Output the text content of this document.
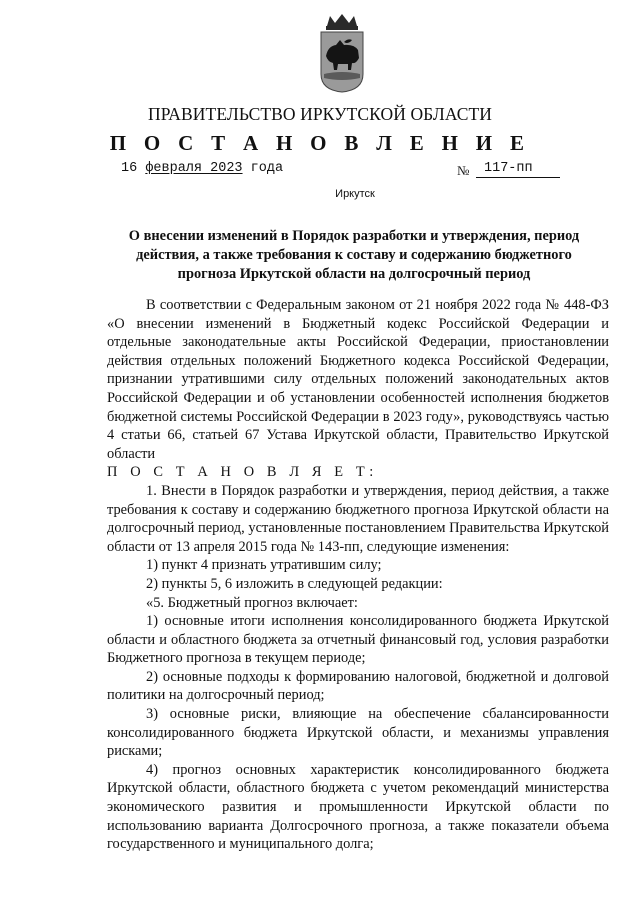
ПРАВИТЕЛЬСТВО ИРКУТСКОЙ ОБЛАСТИ
П О С Т А Н О В Л Е Н И Е
16 февраля 2023 года	№	117-пп
Иркутск
О внесении изменений в Порядок разработки и утверждения, период действия, а также требования к составу и содержанию бюджетного прогноза Иркутской области на долгосрочный период

В соответствии с Федеральным законом от 21 ноября 2022 года № 448-ФЗ «О внесении изменений в Бюджетный кодекс Российской Федерации и отдельные законодательные акты Российской Федерации, приостановлении действия отдельных положений Бюджетного кодекса Российской Федерации, признании утратившими силу отдельных положений законодательных актов Российской Федерации и об установлении особенностей исполнения бюджетов бюджетной системы Российской Федерации в 2023 году», руководствуясь частью 4 статьи 66, статьей 67 Устава Иркутской области, Правительство Иркутской области

П О С Т А Н О В Л Я Е Т:

1. Внести в Порядок разработки и утверждения, период действия, а также требования к составу и содержанию бюджетного прогноза Иркутской области на долгосрочный период, установленные постановлением Правительства Иркутской области от 13 апреля 2015 года № 143-пп, следующие изменения:

1) пункт 4 признать утратившим силу;

2) пункты 5, 6 изложить в следующей редакции:

«5. Бюджетный прогноз включает:

1) основные итоги исполнения консолидированного бюджета Иркутской области и областного бюджета за отчетный финансовый год, условия разработки Бюджетного прогноза в текущем периоде;

2) основные подходы к формированию налоговой, бюджетной и долговой политики на долгосрочный период;

3) основные риски, влияющие на обеспечение сбалансированности консолидированного бюджета Иркутской области, и механизмы управления рисками;

4) прогноз основных характеристик консолидированного бюджета Иркутской области, областного бюджета с учетом рекомендаций министерства экономического развития и промышленности Иркутской области по использованию варианта Долгосрочного прогноза, а также показатели объема государственного и муниципального долга;
